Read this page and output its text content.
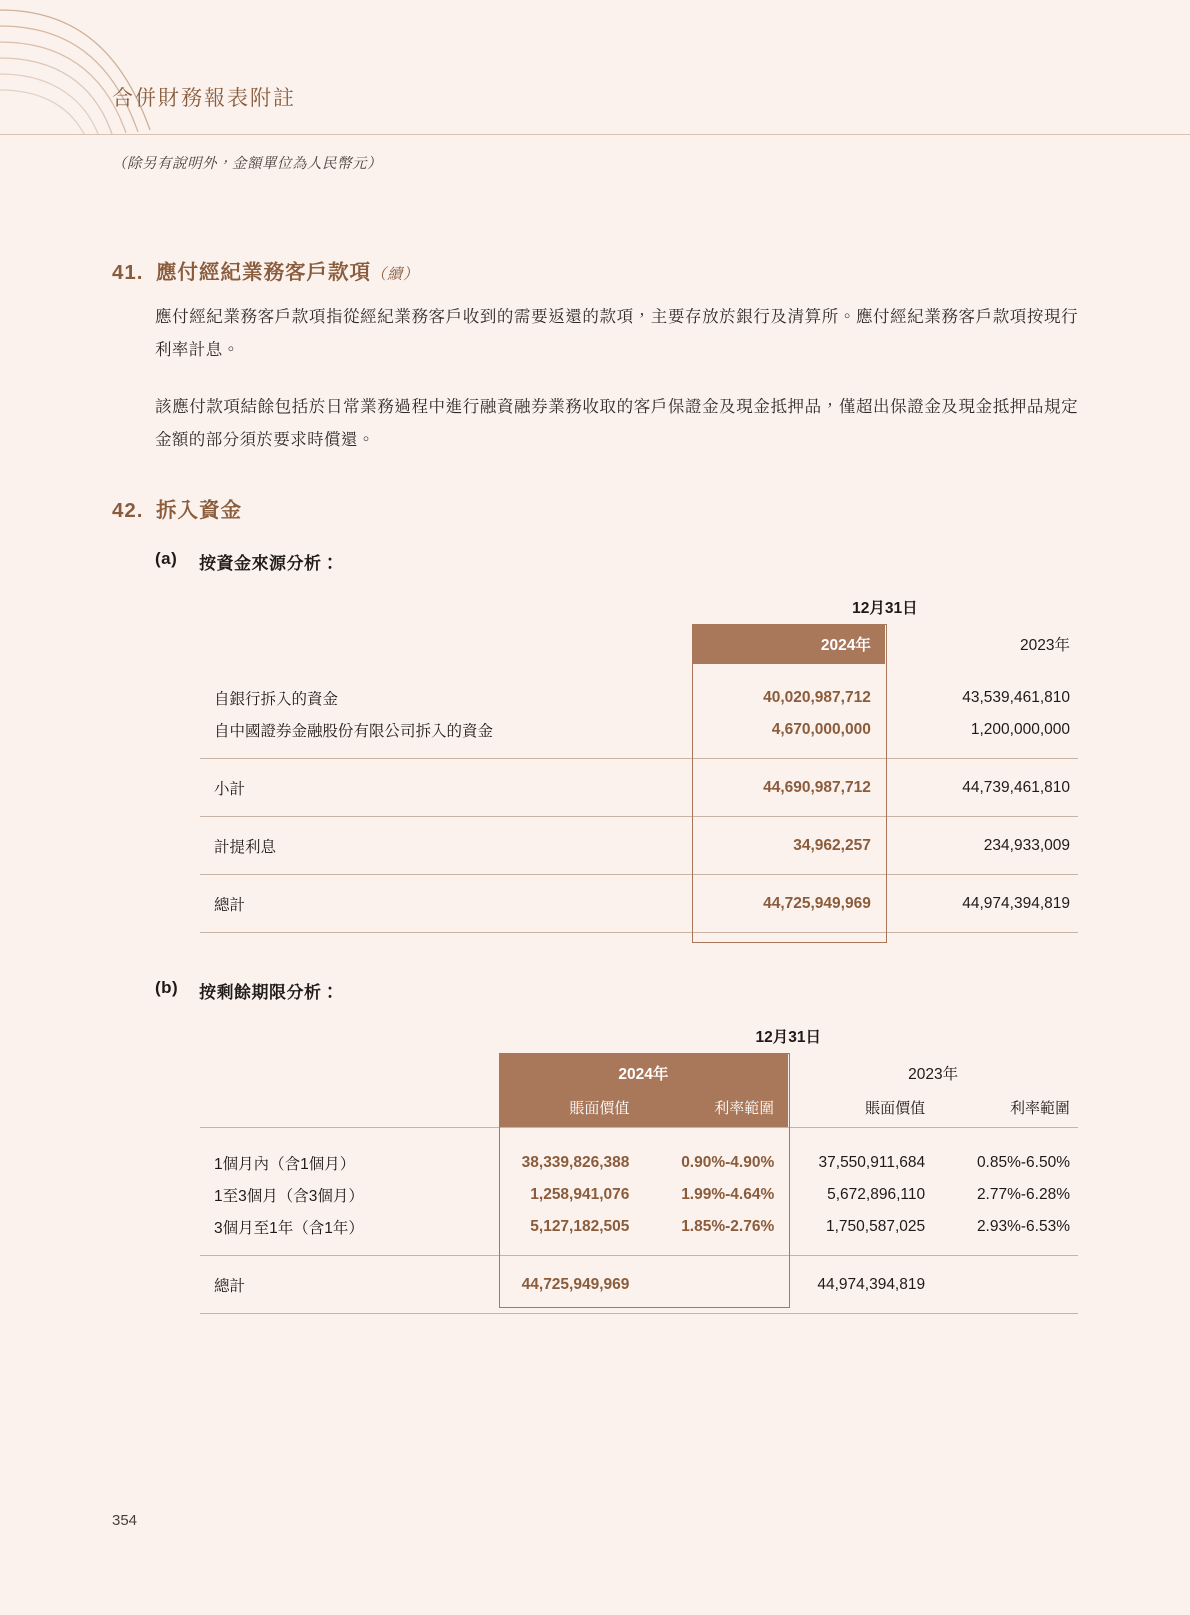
合併財務報表附註
（除另有說明外，金額單位為人民幣元）
41. 應付經紀業務客戶款項（續）
應付經紀業務客戶款項指從經紀業務客戶收到的需要返還的款項，主要存放於銀行及清算所。應付經紀業務客戶款項按現行利率計息。
該應付款項結餘包括於日常業務過程中進行融資融券業務收取的客戶保證金及現金抵押品，僅超出保證金及現金抵押品規定金額的部分須於要求時償還。
42. 拆入資金
(a)	按資金來源分析：
	12月31日	
	2024年	2023年

自銀行拆入的資金	40,020,987,712	43,539,461,810
自中國證券金融股份有限公司拆入的資金	4,670,000,000	1,200,000,000

小計	44,690,987,712	44,739,461,810

計提利息	34,962,257	234,933,009

總計	44,725,949,969	44,974,394,819

(b)	按剩餘期限分析：
	12月31日			
	2024年		2023年	
	賬面價值	利率範圍	賬面價值	利率範圍

1個月內（含1個月）	38,339,826,388	0.90%-4.90%	37,550,911,684	0.85%-6.50%
1至3個月（含3個月）	1,258,941,076	1.99%-4.64%	5,672,896,110	2.77%-6.28%
3個月至1年（含1年）	5,127,182,505	1.85%-2.76%	1,750,587,025	2.93%-6.53%

總計	44,725,949,969		44,974,394,819	

354
